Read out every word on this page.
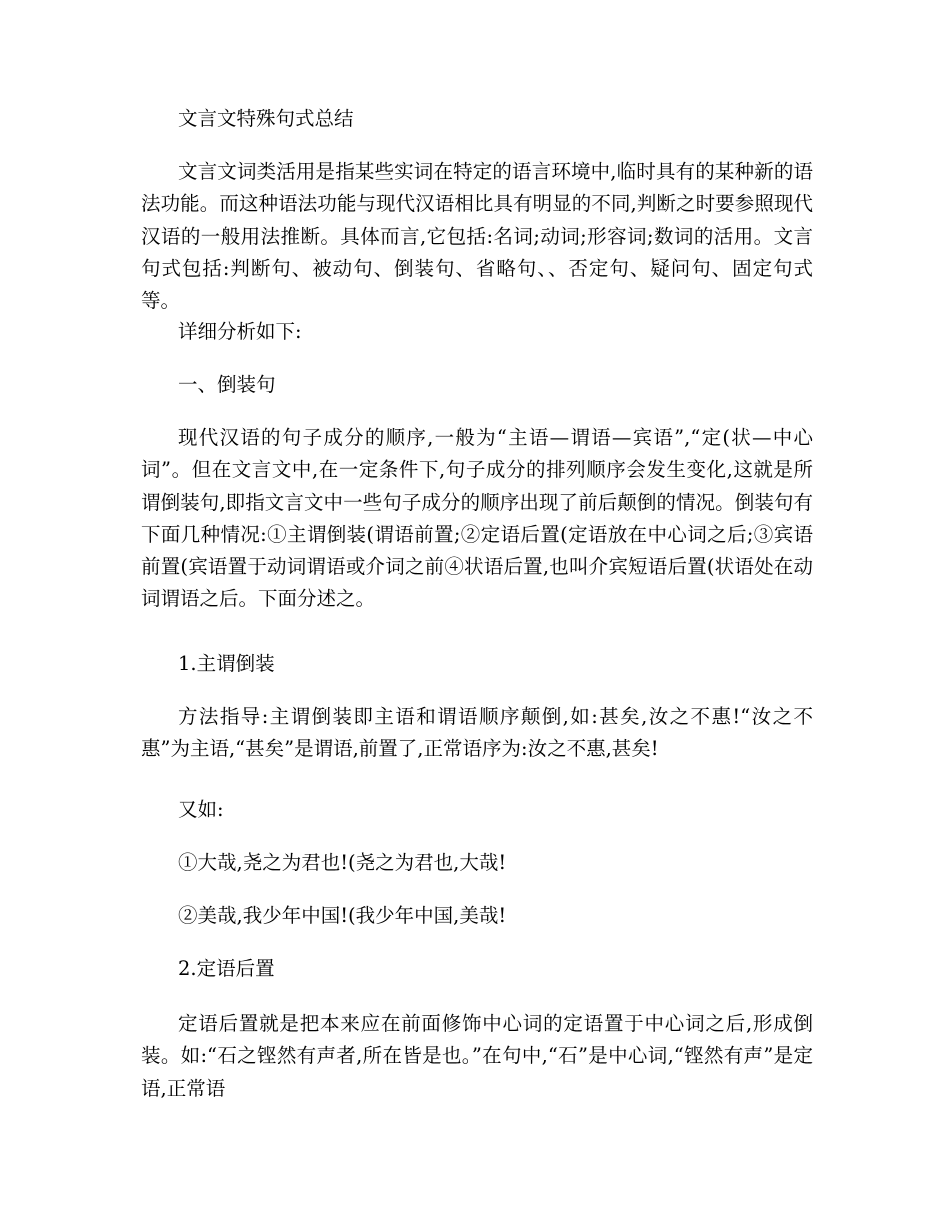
文言文特殊句式总结

文言文词类活用是指某些实词在特定的语言环境中,临时具有的某种新的语法功能。而这种语法功能与现代汉语相比具有明显的不同,判断之时要参照现代汉语的一般用法推断。具体而言,它包括:名词;动词;形容词;数词的活用。文言句式包括:判断句、被动句、倒装句、省略句、、否定句、疑问句、固定句式等。

详细分析如下:

一、倒装句

现代汉语的句子成分的顺序,一般为“主语—谓语—宾语”,“定(状—中心词”。但在文言文中,在一定条件下,句子成分的排列顺序会发生变化,这就是所谓倒装句,即指文言文中一些句子成分的顺序出现了前后颠倒的情况。倒装句有下面几种情况:①主谓倒装(谓语前置;②定语后置(定语放在中心词之后;③宾语前置(宾语置于动词谓语或介词之前④状语后置,也叫介宾短语后置(状语处在动词谓语之后。下面分述之。

1.主谓倒装

方法指导:主谓倒装即主语和谓语顺序颠倒,如:甚矣,汝之不惠!“汝之不惠”为主语,“甚矣”是谓语,前置了,正常语序为:汝之不惠,甚矣!

又如:

①大哉,尧之为君也!(尧之为君也,大哉!

②美哉,我少年中国!(我少年中国,美哉!

2.定语后置

定语后置就是把本来应在前面修饰中心词的定语置于中心词之后,形成倒装。如:“石之铿然有声者,所在皆是也。”在句中,“石”是中心词,“铿然有声”是定语,正常语
